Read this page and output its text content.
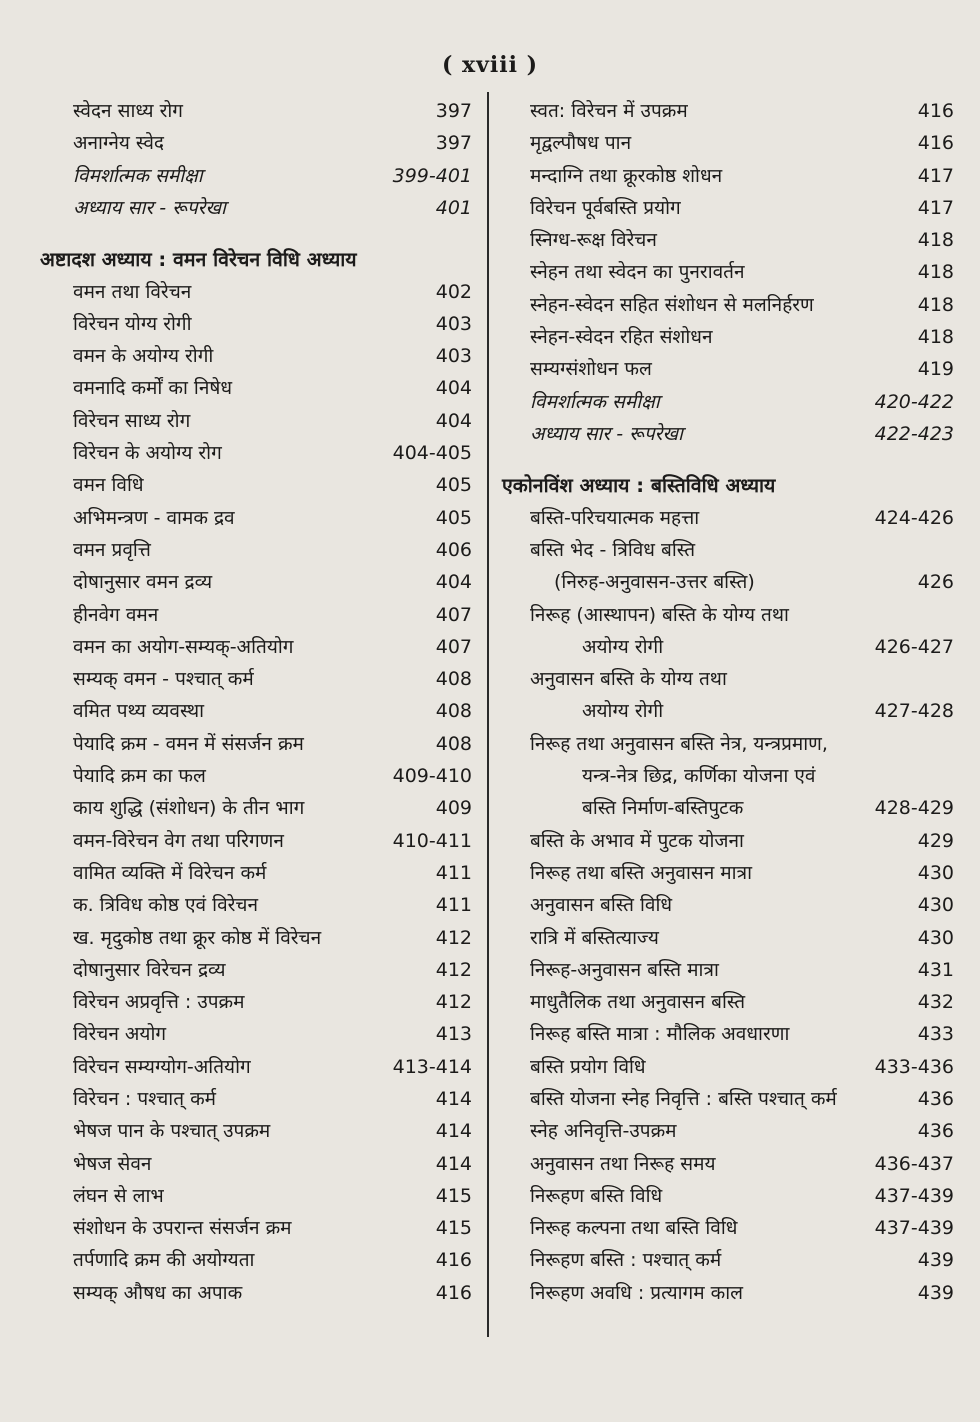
( xviii )
स्वेदन साध्य रोग	397
अनाग्नेय स्वेद	397
विमर्शात्मक समीक्षा	399-401
अध्याय सार - रूपरेखा	401
अष्टादश अध्याय : वमन विरेचन विधि अध्याय
वमन तथा विरेचन	402
विरेचन योग्य रोगी	403
वमन के अयोग्य रोगी	403
वमनादि कर्मों का निषेध	404
विरेचन साध्य रोग	404
विरेचन के अयोग्य रोग	404-405
वमन विधि	405
अभिमन्त्रण - वामक द्रव	405
वमन प्रवृत्ति	406
दोषानुसार वमन द्रव्य	404
हीनवेग वमन	407
वमन का अयोग-सम्यक्-अतियोग	407
सम्यक् वमन - पश्चात् कर्म	408
वमित पथ्य व्यवस्था	408
पेयादि क्रम - वमन में संसर्जन क्रम	408
पेयादि क्रम का फल	409-410
काय शुद्धि (संशोधन) के तीन भाग	409
वमन-विरेचन वेग तथा परिगणन	410-411
वामित व्यक्ति में विरेचन कर्म	411
क. त्रिविध कोष्ठ एवं विरेचन	411
ख. मृदुकोष्ठ तथा क्रूर कोष्ठ में विरेचन	412
दोषानुसार विरेचन द्रव्य	412
विरेचन अप्रवृत्ति : उपक्रम	412
विरेचन अयोग	413
विरेचन सम्यग्योग-अतियोग	413-414
विरेचन : पश्चात् कर्म	414
भेषज पान के पश्चात् उपक्रम	414
भेषज सेवन	414
लंघन से लाभ	415
संशोधन के उपरान्त संसर्जन क्रम	415
तर्पणादि क्रम की अयोग्यता	416
सम्यक् औषध का अपाक	416
स्वत: विरेचन में उपक्रम	416
मृद्वल्पौषध पान	416
मन्दाग्नि तथा क्रूरकोष्ठ शोधन	417
विरेचन पूर्वबस्ति प्रयोग	417
स्निग्ध-रूक्ष विरेचन	418
स्नेहन तथा स्वेदन का पुनरावर्तन	418
स्नेहन-स्वेदन सहित संशोधन से मलनिर्हरण	418
स्नेहन-स्वेदन रहित संशोधन	418
सम्यग्संशोधन फल	419
विमर्शात्मक समीक्षा	420-422
अध्याय सार - रूपरेखा	422-423
एकोनविंश अध्याय : बस्तिविधि अध्याय
बस्ति-परिचयात्मक महत्ता	424-426
बस्ति भेद - त्रिविध बस्ति
(निरुह-अनुवासन-उत्तर बस्ति)	426
निरूह (आस्थापन) बस्ति के योग्य तथा
अयोग्य रोगी	426-427
अनुवासन बस्ति के योग्य तथा
अयोग्य रोगी	427-428
निरूह तथा अनुवासन बस्ति नेत्र, यन्त्रप्रमाण,
यन्त्र-नेत्र छिद्र, कर्णिका योजना एवं
बस्ति निर्माण-बस्तिपुटक	428-429
बस्ति के अभाव में पुटक योजना	429
निरूह तथा बस्ति अनुवासन मात्रा	430
अनुवासन बस्ति विधि	430
रात्रि में बस्तित्याज्य	430
निरूह-अनुवासन बस्ति मात्रा	431
माधुतैलिक तथा अनुवासन बस्ति	432
निरूह बस्ति मात्रा : मौलिक अवधारणा	433
बस्ति प्रयोग विधि	433-436
बस्ति योजना स्नेह निवृत्ति : बस्ति पश्चात् कर्म	436
स्नेह अनिवृत्ति-उपक्रम	436
अनुवासन तथा निरूह समय	436-437
निरूहण बस्ति विधि	437-439
निरूह कल्पना तथा बस्ति विधि	437-439
निरूहण बस्ति : पश्चात् कर्म	439
निरूहण अवधि : प्रत्यागम काल	439
